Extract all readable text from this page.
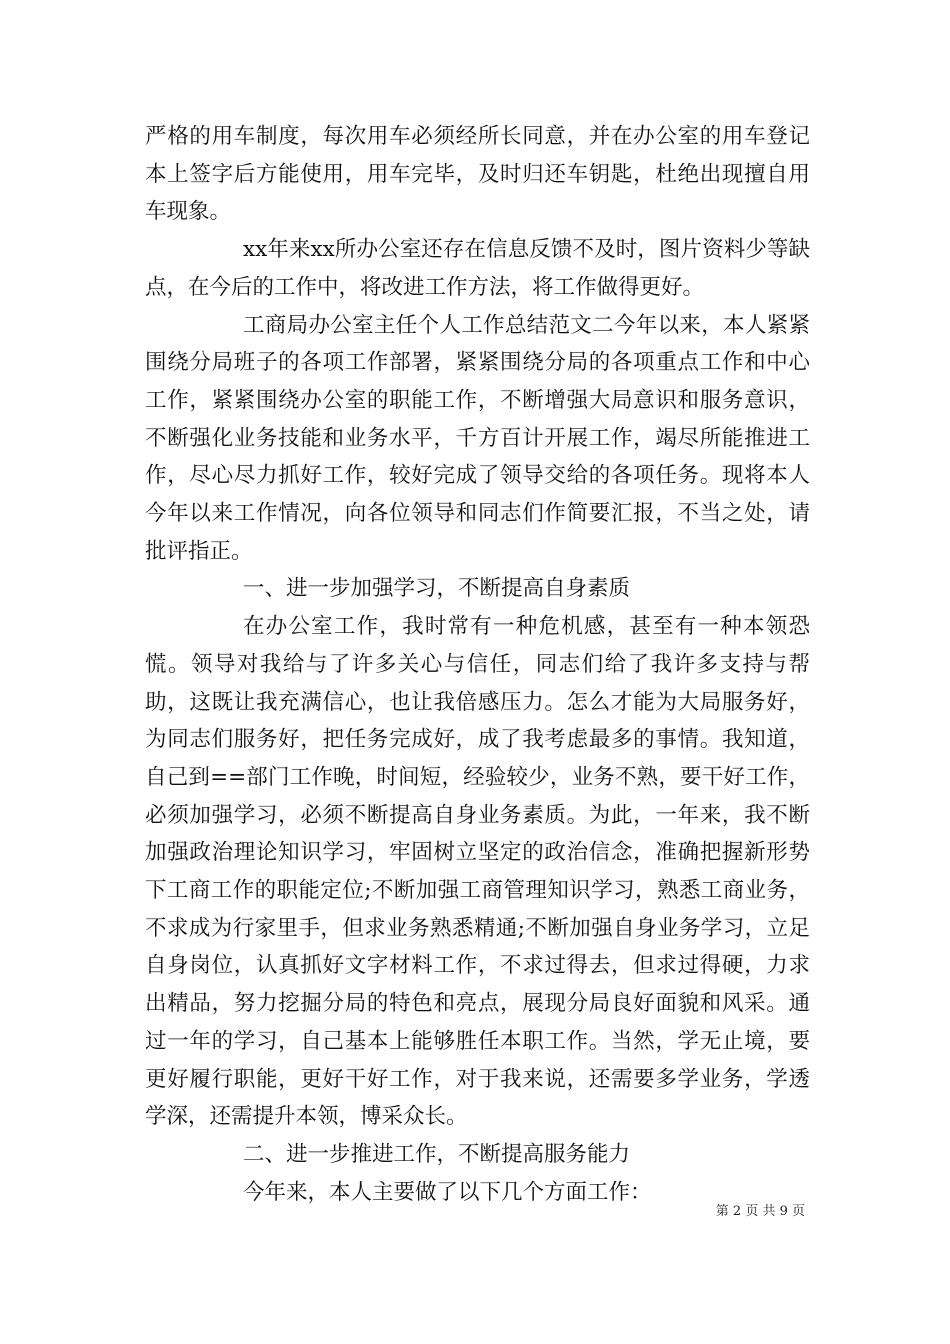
严格的用车制度，每次用车必须经所长同意，并在办公室的用车登记本上签字后方能使用，用车完毕，及时归还车钥匙，杜绝出现擅自用车现象。

xx年来xx所办公室还存在信息反馈不及时，图片资料少等缺点，在今后的工作中，将改进工作方法，将工作做得更好。

工商局办公室主任个人工作总结范文二今年以来，本人紧紧围绕分局班子的各项工作部署，紧紧围绕分局的各项重点工作和中心工作，紧紧围绕办公室的职能工作，不断增强大局意识和服务意识，不断强化业务技能和业务水平，千方百计开展工作，竭尽所能推进工作，尽心尽力抓好工作，较好完成了领导交给的各项任务。现将本人今年以来工作情况，向各位领导和同志们作简要汇报，不当之处，请批评指正。

一、进一步加强学习，不断提高自身素质

在办公室工作，我时常有一种危机感，甚至有一种本领恐慌。领导对我给与了许多关心与信任，同志们给了我许多支持与帮助，这既让我充满信心，也让我倍感压力。怎么才能为大局服务好，为同志们服务好，把任务完成好，成了我考虑最多的事情。我知道，自己到==部门工作晚，时间短，经验较少，业务不熟，要干好工作，必须加强学习，必须不断提高自身业务素质。为此，一年来，我不断加强政治理论知识学习，牢固树立坚定的政治信念，准确把握新形势下工商工作的职能定位;不断加强工商管理知识学习，熟悉工商业务，不求成为行家里手，但求业务熟悉精通;不断加强自身业务学习，立足自身岗位，认真抓好文字材料工作，不求过得去，但求过得硬，力求出精品，努力挖掘分局的特色和亮点，展现分局良好面貌和风采。通过一年的学习，自己基本上能够胜任本职工作。当然，学无止境，要更好履行职能，更好干好工作，对于我来说，还需要多学业务，学透学深，还需提升本领，博采众长。

二、进一步推进工作，不断提高服务能力

今年来，本人主要做了以下几个方面工作：

第 2 页 共 9 页
